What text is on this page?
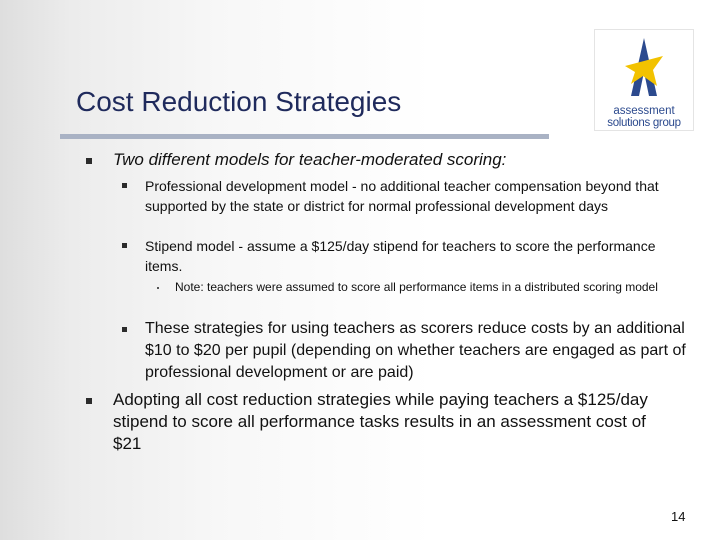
Cost Reduction Strategies	assessment
solutions group
Two different models for teacher-moderated scoring:
Professional development model - no additional teacher compensation beyond that supported by the state or district for normal professional development days
Stipend model - assume a $125/day stipend for teachers to score the performance items.
Note: teachers were assumed to score all performance items in a distributed scoring model
These strategies for using teachers as scorers reduce costs by an additional $10 to $20 per pupil (depending on whether teachers are engaged as part of professional development or are paid)
Adopting all cost reduction strategies while paying teachers a $125/day stipend to score all performance tasks results in an assessment cost of $21
14
